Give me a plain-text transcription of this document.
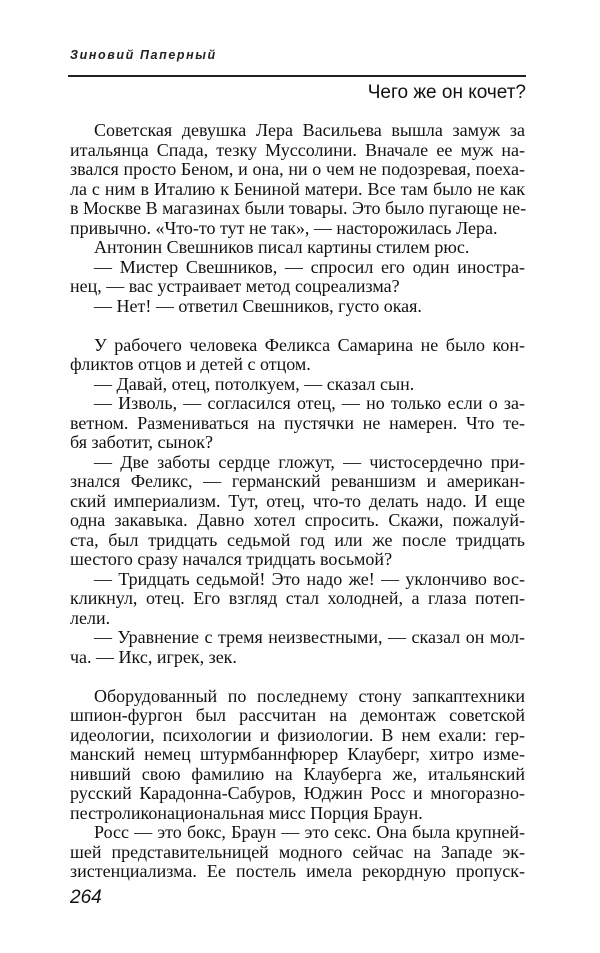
Зиновий Паперный
Чего же он кочет?
Советская девушка Лера Васильева вышла замуж за
итальянца Спада, тезку Муссолини. Вначале ее муж на-
звался просто Беном, и она, ни о чем не подозревая, поеха-
ла с ним в Италию к Бениной матери. Все там было не как
в Москве В магазинах были товары. Это было пугающе не-
привычно. «Что-то тут не так», — насторожилась Лера.
Антонин Свешников писал картины стилем рюс.
— Мистер Свешников, — спросил его один иностра-
нец, — вас устраивает метод соцреализма?
— Нет! — ответил Свешников, густо окая.
У рабочего человека Феликса Самарина не было кон-
фликтов отцов и детей с отцом.
— Давай, отец, потолкуем, — сказал сын.
— Изволь, — согласился отец, — но только если о за-
ветном. Размениваться на пустячки не намерен. Что те-
бя заботит, сынок?
— Две заботы сердце гложут, — чистосердечно при-
знался Феликс, — германский реваншизм и американ-
ский империализм. Тут, отец, что-то делать надо. И еще
одна закавыка. Давно хотел спросить. Скажи, пожалуй-
ста, был тридцать седьмой год или же после тридцать
шестого сразу начался тридцать восьмой?
— Тридцать седьмой! Это надо же! — уклончиво вос-
кликнул, отец. Его взгляд стал холодней, а глаза потеп-
лели.
— Уравнение с тремя неизвестными, — сказал он мол-
ча. — Икс, игрек, зек.
Оборудованный по последнему стону запкаптехники
шпион-фургон был рассчитан на демонтаж советской
идеологии, психологии и физиологии. В нем ехали: гер-
манский немец штурмбаннфюрер Клауберг, хитро изме-
нивший свою фамилию на Клауберга же, итальянский
русский Карадонна-Сабуров, Юджин Росс и многоразно-
пестроликонациональная мисс Порция Браун.
Росс — это бокс, Браун — это секс. Она была крупней-
шей представительницей модного сейчас на Западе эк-
зистенциализма. Ее постель имела рекордную пропуск-
264
